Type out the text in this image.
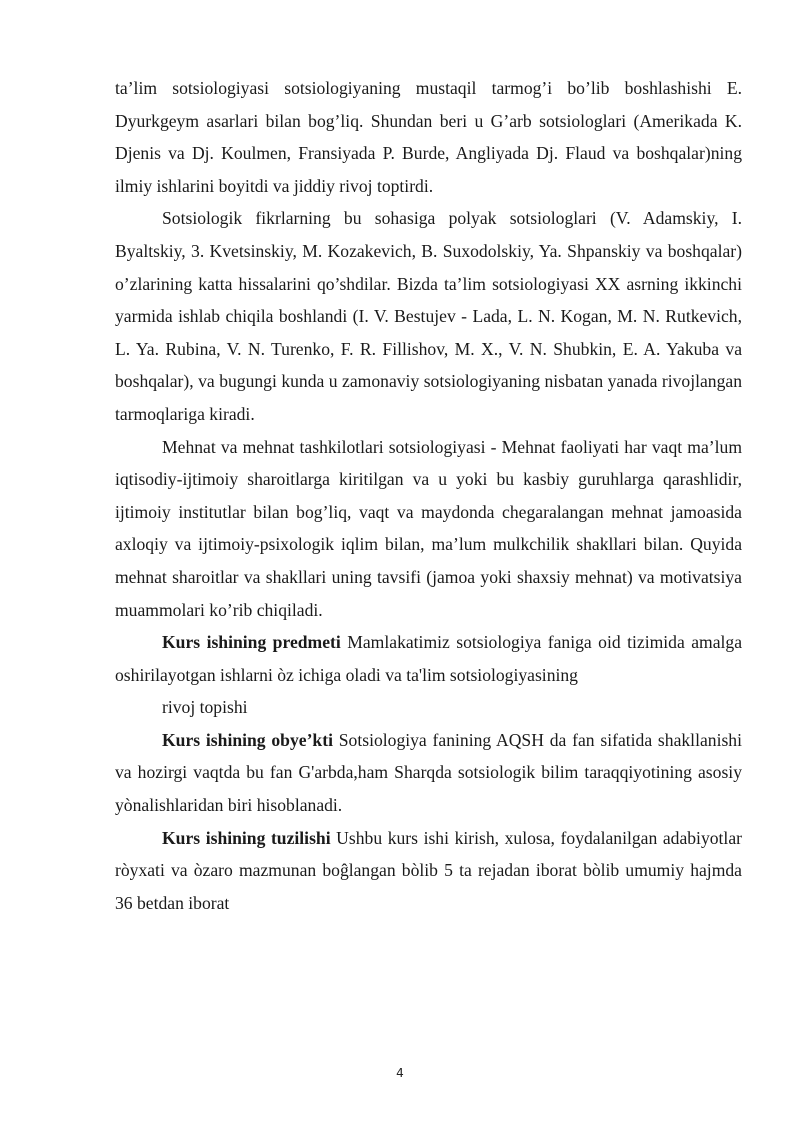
ta’lim sotsiologiyasi sotsiologiyaning mustaqil tarmog’i bo’lib boshlashishi E. Dyurkgeym asarlari bilan bog’liq. Shundan beri u G’arb sotsiologlari (Amerikada K. Djenis va Dj. Koulmen, Fransiyada P. Burde, Angliyada Dj. Flaud va boshqalar)ning ilmiy ishlarini boyitdi va jiddiy rivoj toptirdi.

Sotsiologik fikrlarning bu sohasiga polyak sotsiologlari (V. Adamskiy, I. Byaltskiy, 3. Kvetsinskiy, M. Kozakevich, B. Suxodolskiy, Ya. Shpanskiy va boshqalar) o’zlarining katta hissalarini qo’shdilar. Bizda ta’lim sotsiologiyasi XX asrning ikkinchi yarmida ishlab chiqila boshlandi (I. V. Bestujev - Lada, L. N. Kogan, M. N. Rutkevich, L. Ya. Rubina, V. N. Turenko, F. R. Fillishov, M. X., V. N. Shubkin, E. A. Yakuba va boshqalar), va bugungi kunda u zamonaviy sotsiologiyaning nisbatan yanada rivojlangan tarmoqlariga kiradi.

Mehnat va mehnat tashkilotlari sotsiologiyasi - Mehnat faoliyati har vaqt ma’lum iqtisodiy-ijtimoiy sharoitlarga kiritilgan va u yoki bu kasbiy guruhlarga qarashlidir, ijtimoiy institutlar bilan bog’liq, vaqt va maydonda chegaralangan mehnat jamoasida axloqiy va ijtimoiy-psixologik iqlim bilan, ma’lum mulkchilik shakllari bilan. Quyida mehnat sharoitlar va shakllari uning tavsifi (jamoa yoki shaxsiy mehnat) va motivatsiya muammolari ko’rib chiqiladi.

Kurs ishining predmeti Mamlakatimiz sotsiologiya faniga oid tizimida amalga oshirilayotgan ishlarni òz ichiga oladi va ta'lim sotsiologiyasining

rivoj topishi

Kurs ishining obye’kti Sotsiologiya fanining AQSH da fan sifatida shakllanishi va hozirgi vaqtda bu fan G'arbda,ham Sharqda sotsiologik bilim taraqqiyotining asosiy yònalishlaridan biri hisoblanadi.

Kurs ishining tuzilishi Ushbu kurs ishi kirish, xulosa, foydalanilgan adabiyotlar ròyxati va òzaro mazmunan boĝlangan bòlib 5 ta rejadan iborat bòlib umumiy hajmda 36 betdan iborat

4
